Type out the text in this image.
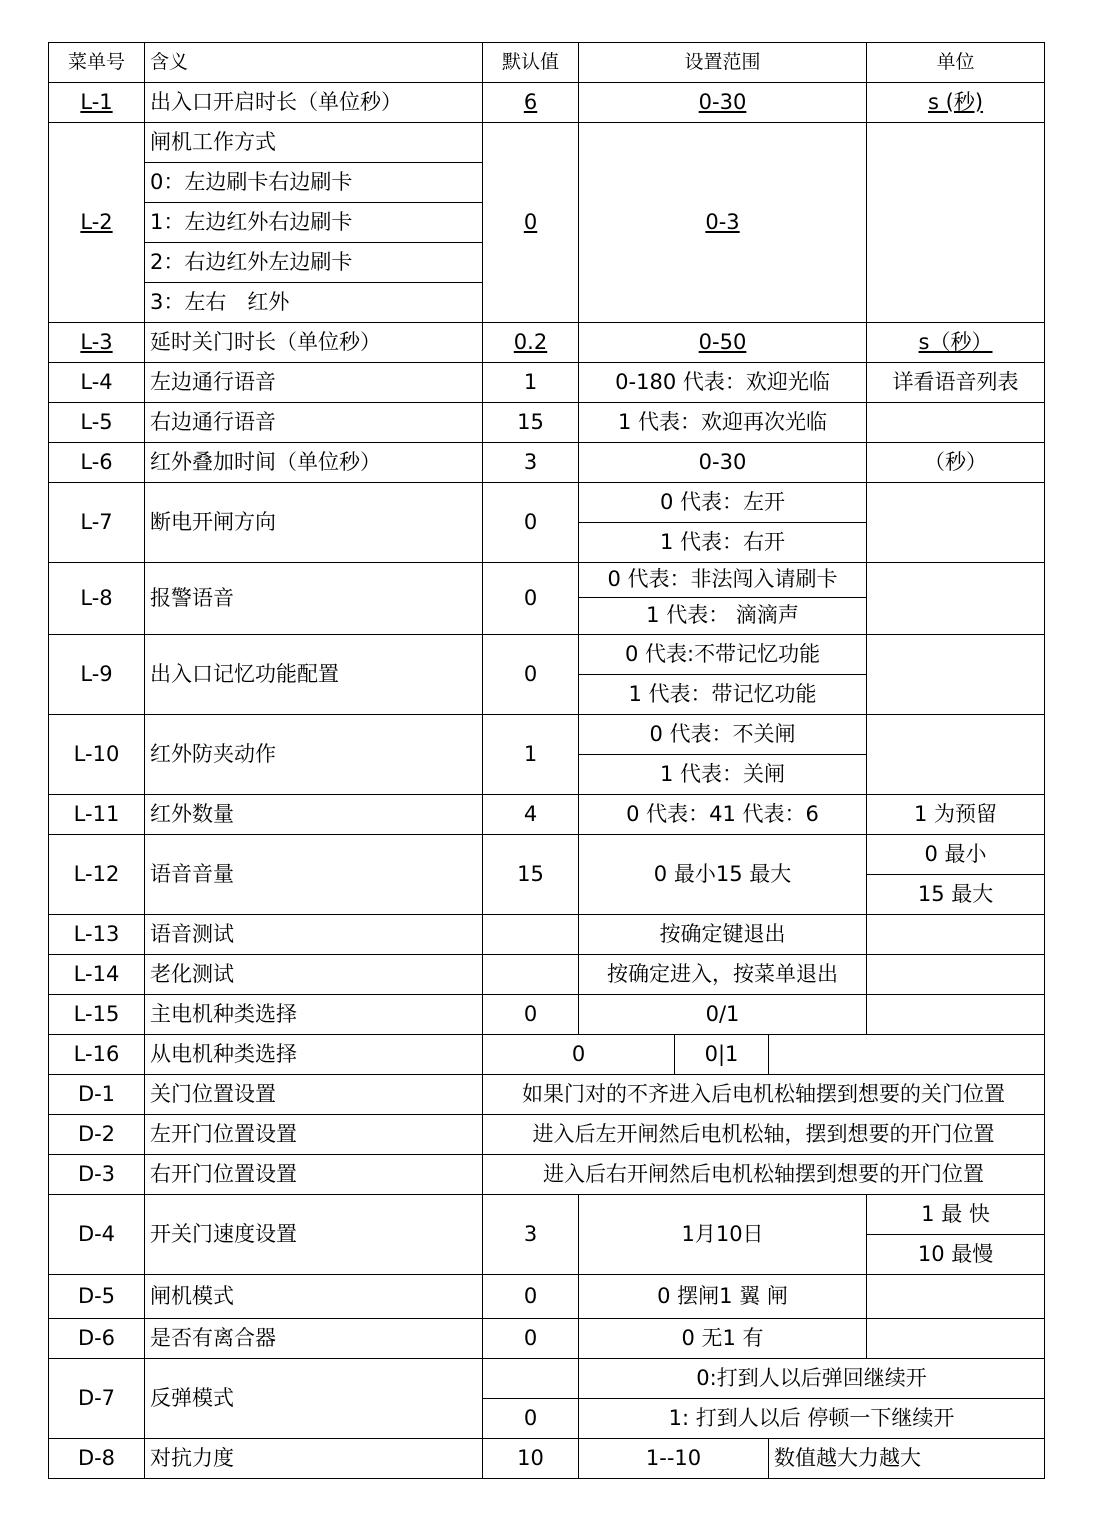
菜单号	含义	默认值	设置范围			单位
L-1	出入口开启时长（单位秒）	6	0-30			s (秒)
L-2	闸机工作方式	0	0-3			
	0：左边刷卡右边刷卡					
	1：左边红外右边刷卡					
	2：右边红外左边刷卡					
	3：左右　红外					
L-3	延时关门时长（单位秒）	0.2	0-50			s（秒）
L-4	左边通行语音	1	0-180 代表：欢迎光临			详看语音列表
L-5	右边通行语音	15	1 代表：欢迎再次光临			
L-6	红外叠加时间（单位秒）	3	0-30			（秒）
L-7	断电开闸方向	0	0 代表：左开			
			1 代表：右开			
L-8	报警语音	0	0 代表：非法闯入请刷卡			
			1 代表： 滴滴声			
L-9	出入口记忆功能配置	0	0 代表:不带记忆功能			
			1 代表：带记忆功能			
L-10	红外防夹动作	1	0 代表：不关闸			
			1 代表：关闸			
L-11	红外数量	4	0 代表：41 代表：6			1 为预留
L-12	语音音量	15	0 最小15 最大			0 最小
						15 最大
L-13	语音测试		按确定键退出			
L-14	老化测试		按确定进入，按菜单退出			
L-15	主电机种类选择	0	0/1			
L-16	从电机种类选择	0		0|1		
D-1	关门位置设置	如果门对的不齐进入后电机松轴摆到想要的关门位置				
D-2	左开门位置设置	进入后左开闸然后电机松轴，摆到想要的开门位置				
D-3	右开门位置设置	进入后右开闸然后电机松轴摆到想要的开门位置				
D-4	开关门速度设置	3	1月10日			1 最 快
						10 最慢
D-5	闸机模式	0	0 摆闸1 翼 闸			
D-6	是否有离合器	0	0 无1 有			
D-7	反弹模式		0:打到人以后弹回继续开			
		0	1: 打到人以后 停顿一下继续开			
D-8	对抗力度	10	1--10		数值越大力越大	
